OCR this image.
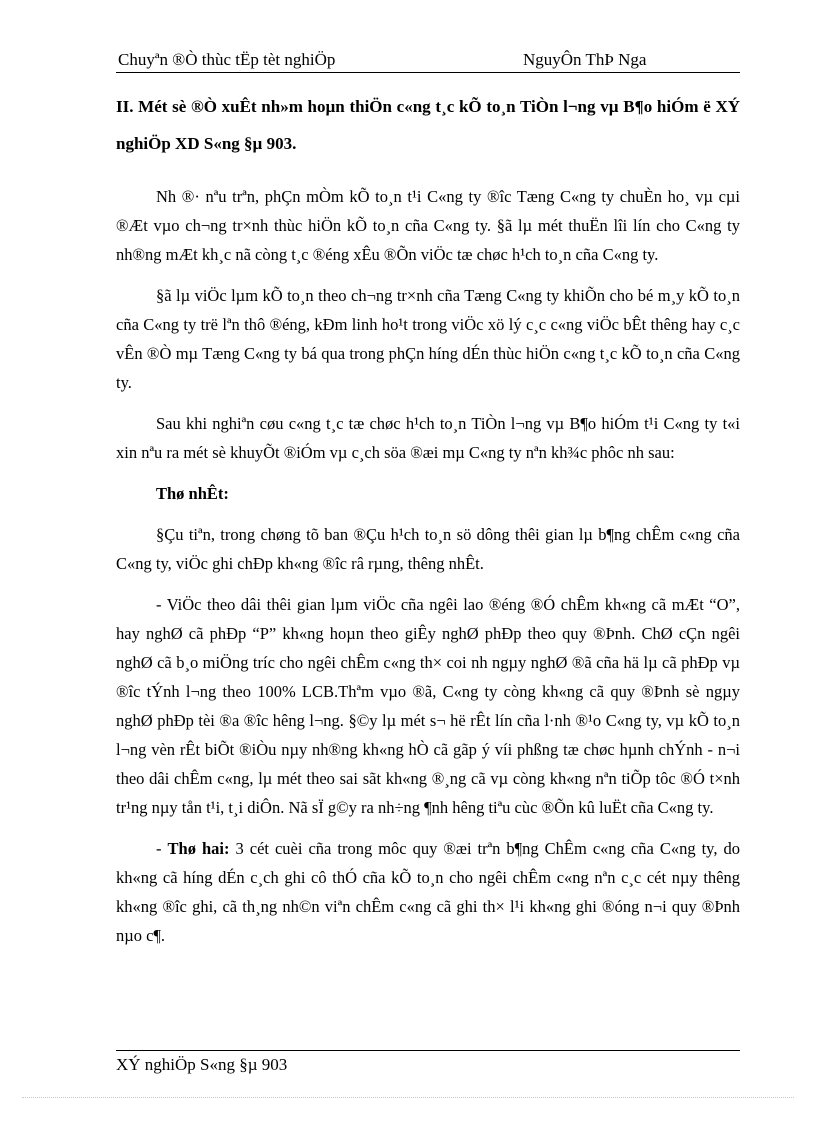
Chuyªn ®Ò thùc tËp tèt nghiÖp	NguyÔn ThÞ Nga
II. Mét sè ®Ò xuÊt nh»m hoµn thiÖn c«ng t¸c kÕ to¸n TiÒn l¬ng vµ B¶o hiÓm ë XÝ nghiÖp XD S«ng §µ 903.

Nh ®· nªu trªn, phÇn mÒm kÕ to¸n t¹i C«ng ty ®îc Tæng C«ng ty chuÈn ho¸ vµ cµi ®Æt vµo ch¬ng tr×nh thùc hiÖn kÕ to¸n cña C«ng ty. §ã lµ mét thuËn lîi lín cho C«ng ty nh®ng mÆt kh¸c nã còng t¸c ®éng xÊu ®Õn viÖc tæ chøc h¹ch to¸n cña C«ng ty.

§ã lµ viÖc lµm kÕ to¸n theo ch¬ng tr×nh cña Tæng C«ng ty khiÕn cho bé m¸y kÕ to¸n cña C«ng ty trë lªn thô ®éng, kÐm linh ho¹t trong viÖc xö lý c¸c c«ng viÖc bÊt thêng hay c¸c vÊn ®Ò mµ Tæng C«ng ty bá qua trong phÇn híng dÉn thùc hiÖn c«ng t¸c kÕ to¸n cña C«ng ty.

Sau khi nghiªn cøu c«ng t¸c tæ chøc h¹ch to¸n TiÒn l¬ng vµ B¶o hiÓm t¹i C«ng ty t«i xin nªu ra mét sè khuyÕt ®iÓm vµ c¸ch söa ®æi mµ C«ng ty nªn kh¾c phôc nh sau:

Thø nhÊt:

§Çu tiªn, trong chøng tõ ban ®Çu h¹ch to¸n sö dông thêi gian lµ b¶ng chÊm c«ng cña C«ng ty, viÖc ghi chÐp kh«ng ®îc râ rµng, thêng nhÊt.

- ViÖc theo dâi thêi gian lµm viÖc cña ngêi lao ®éng ®Ó chÊm kh«ng cã mÆt “O”, hay nghØ cã phÐp “P” kh«ng hoµn theo giÊy nghØ phÐp theo quy ®Þnh. ChØ cÇn ngêi nghØ cã b¸o miÖng tríc cho ngêi chÊm c«ng th× coi nh ngµy nghØ ®ã cña hä lµ cã phÐp vµ ®îc tÝnh l¬ng theo 100% LCB.Thªm vµo ®ã, C«ng ty còng kh«ng cã quy ®Þnh sè ngµy nghØ phÐp tèi ®a ®îc hêng l¬ng. §©y lµ mét s¬ hë rÊt lín cña l·nh ®¹o C«ng ty, vµ kÕ to¸n l¬ng vèn rÊt biÕt ®iÒu nµy nh®ng kh«ng hÒ cã gãp ý víi phßng tæ chøc hµnh chÝnh - n¬i theo dâi chÊm c«ng, lµ mét theo sai sãt kh«ng ®¸ng cã vµ còng kh«ng nªn tiÕp tôc ®Ó t×nh tr¹ng nµy tån t¹i, t¸i diÔn. Nã sÏ g©y ra nh÷ng ¶nh hêng tiªu cùc ®Õn kû luËt cña C«ng ty.

- Thø hai: 3 cét cuèi cña trong môc quy ®æi trªn b¶ng ChÊm c«ng cña C«ng ty, do kh«ng cã híng dÉn c¸ch ghi cô thÓ cña kÕ to¸n cho ngêi chÊm c«ng nªn c¸c cét nµy thêng kh«ng ®îc ghi, cã th¸ng nh©n viªn chÊm c«ng cã ghi th× l¹i kh«ng ghi ®óng n¬i quy ®Þnh nµo c¶.

XÝ nghiÖp S«ng §µ 903
